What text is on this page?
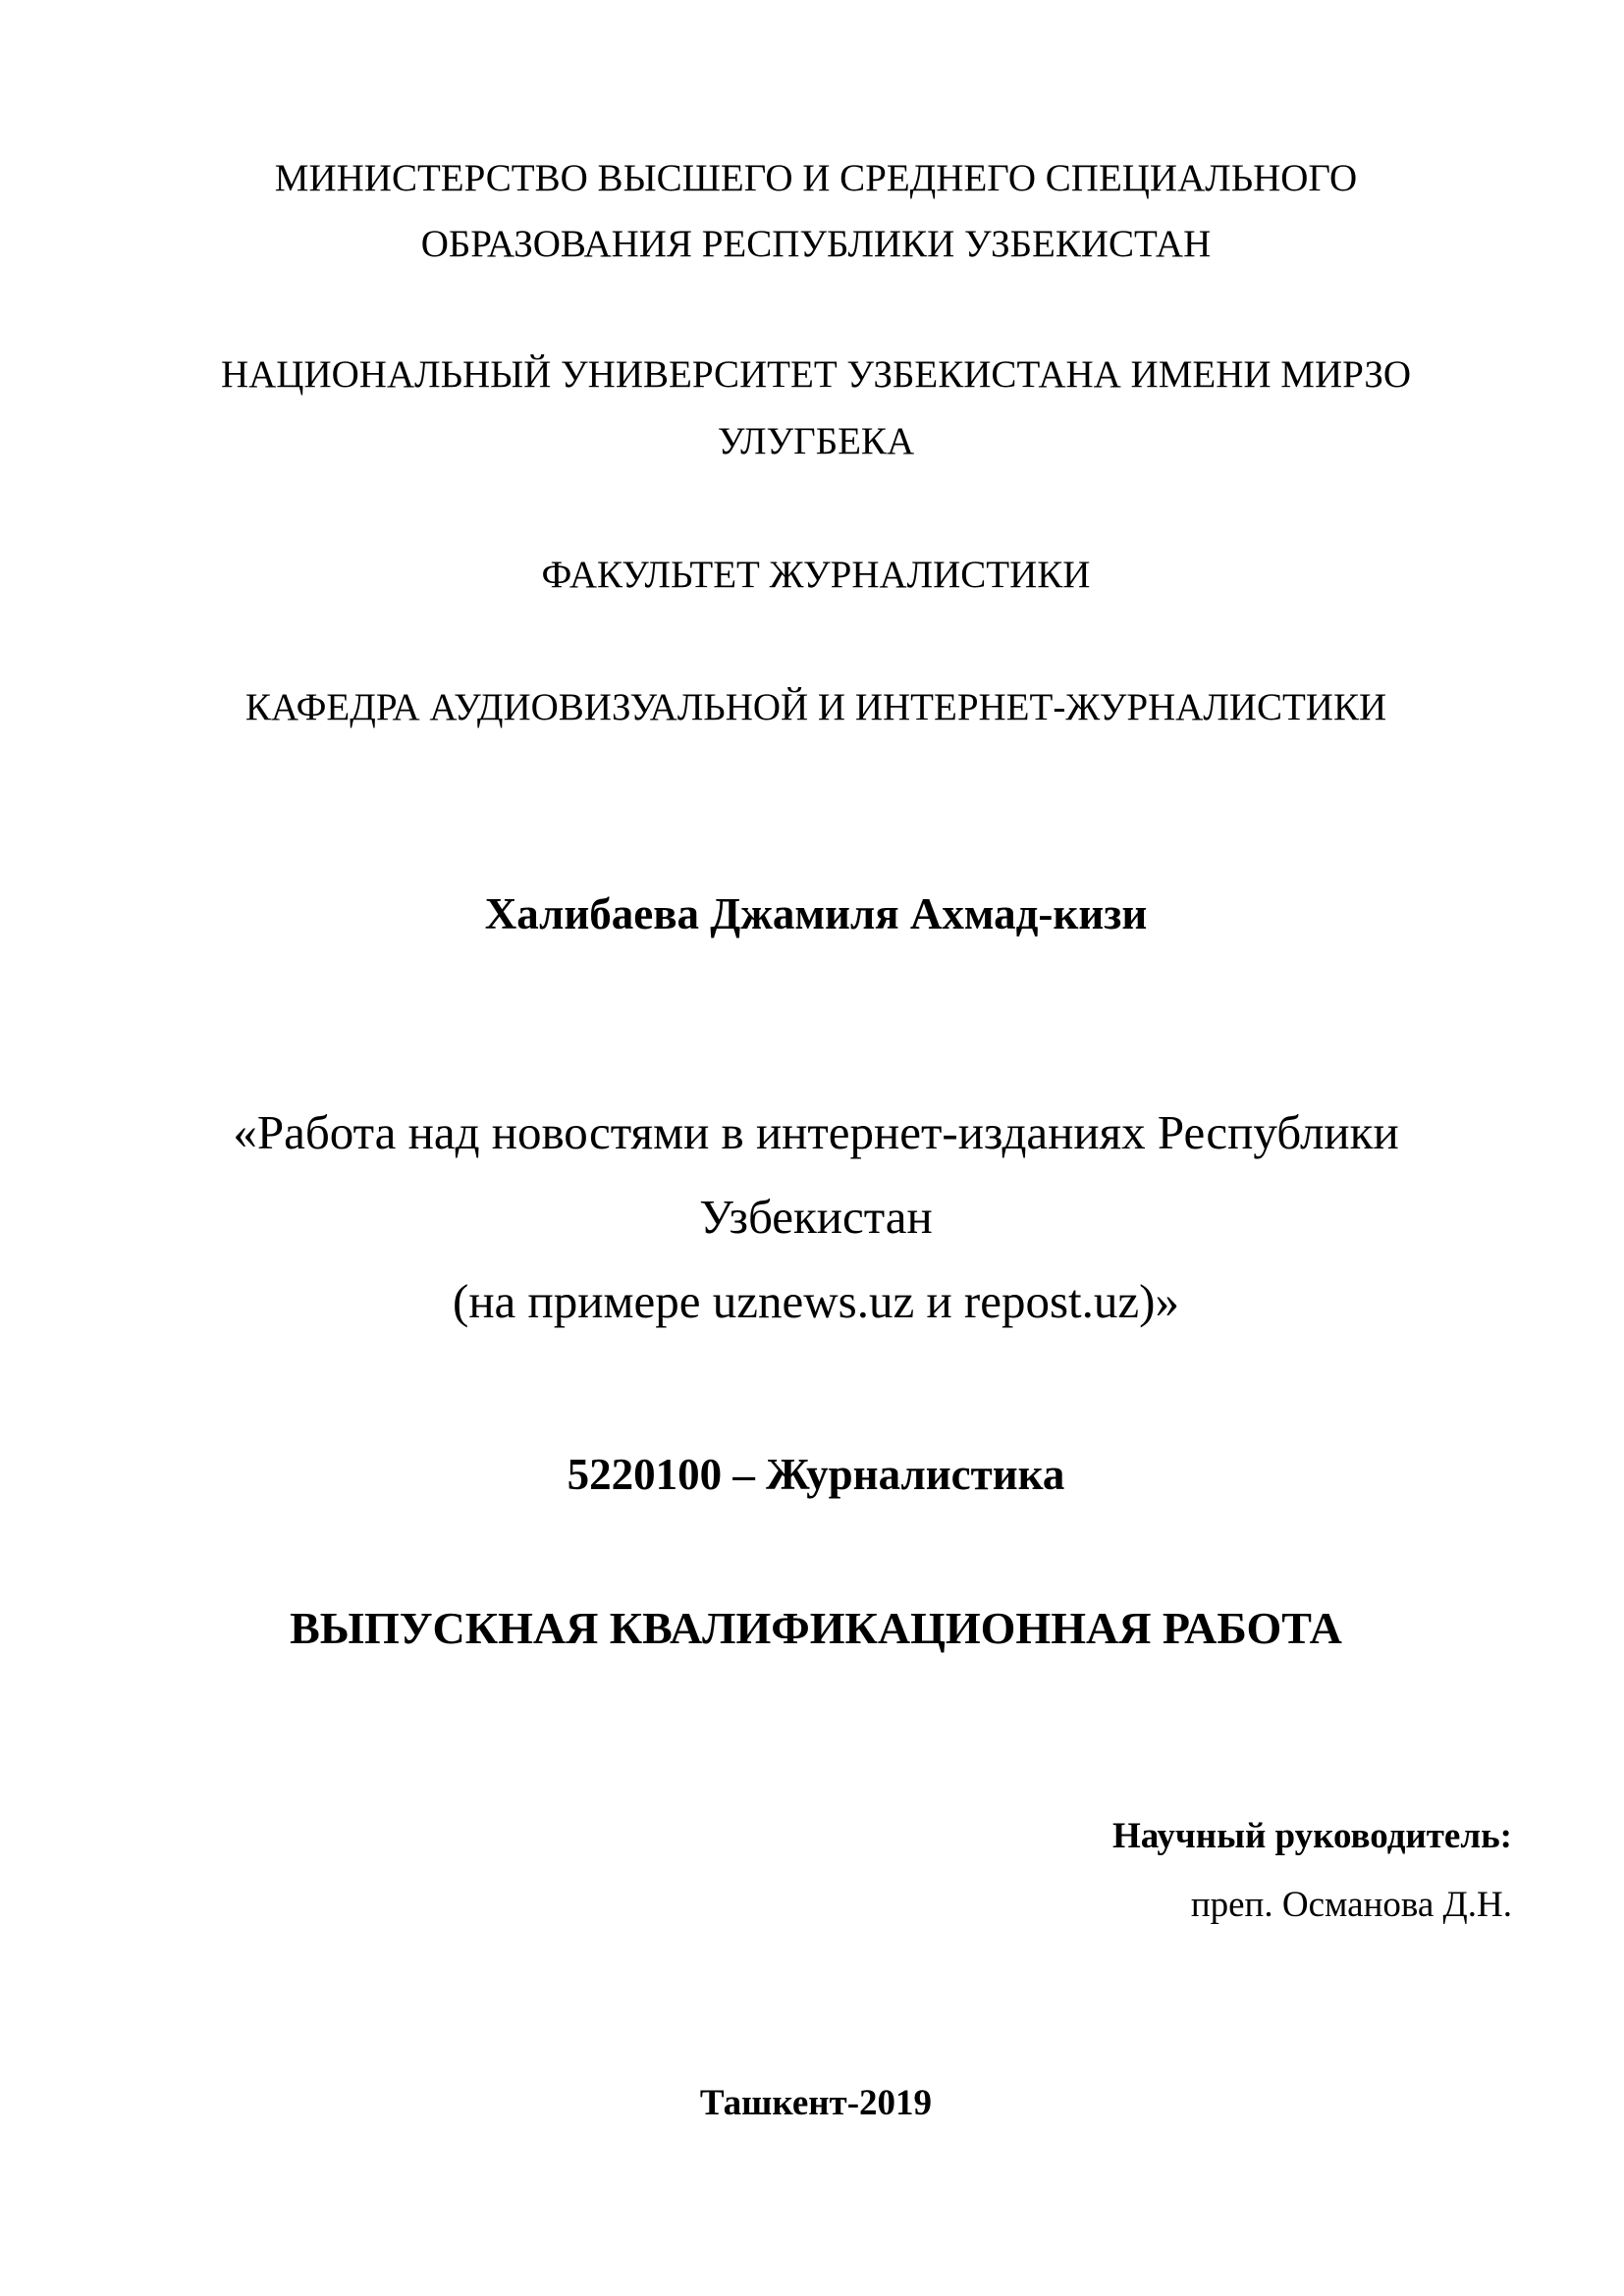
МИНИСТЕРСТВО ВЫСШЕГО И СРЕДНЕГО СПЕЦИАЛЬНОГО
ОБРАЗОВАНИЯ РЕСПУБЛИКИ УЗБЕКИСТАН
НАЦИОНАЛЬНЫЙ УНИВЕРСИТЕТ УЗБЕКИСТАНА ИМЕНИ МИРЗО
УЛУГБЕКА
ФАКУЛЬТЕТ ЖУРНАЛИСТИКИ
КАФЕДРА АУДИОВИЗУАЛЬНОЙ И ИНТЕРНЕТ-ЖУРНАЛИСТИКИ
Халибаева Джамиля Ахмад-кизи
«Работа над новостями в интернет-изданиях Республики
Узбекистан
(на примере uznews.uz и repost.uz)»
5220100 – Журналистика
ВЫПУСКНАЯ КВАЛИФИКАЦИОННАЯ РАБОТА
Научный руководитель:
преп. Османова Д.Н.
Ташкент-2019
